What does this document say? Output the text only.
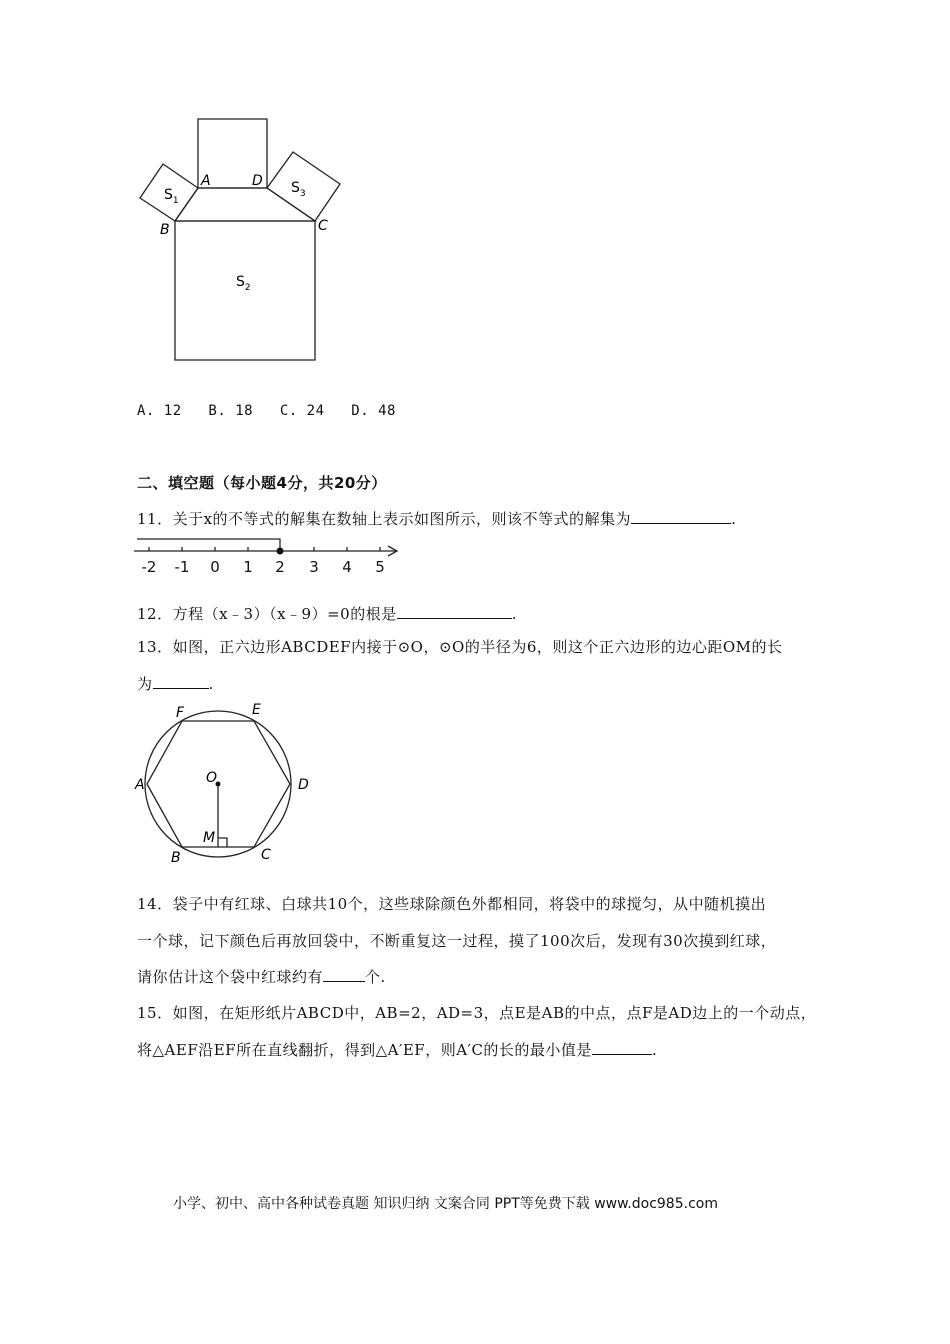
A	D
B	C
$S_1$
$S_3$
$S_2$
A. 12   B. 18   C. 24   D. 48
二、填空题（每小题4分，共20分）
11．关于x的不等式的解集在数轴上表示如图所示，则该不等式的解集为	.
-2 -1 0 1 2 3 4 5
12．方程（x﹣3）（x﹣9）=0的根是	.
13．如图，正六边形ABCDEF内接于⊙O，⊙O的半径为6，则这个正六边形的边心距OM的长
为	.
F	E
A	D
O
M
B	C
14．袋子中有红球、白球共10个，这些球除颜色外都相同，将袋中的球搅匀，从中随机摸出
一个球，记下颜色后再放回袋中，不断重复这一过程，摸了100次后，发现有30次摸到红球，
请你估计这个袋中红球约有	个.
15．如图，在矩形纸片ABCD中，AB=2，AD=3，点E是AB的中点，点F是AD边上的一个动点，
将△AEF沿EF所在直线翻折，得到△A′EF，则A′C的长的最小值是	.
小学、初中、高中各种试卷真题 知识归纳 文案合同 PPT等免费下载 www.doc985.com
